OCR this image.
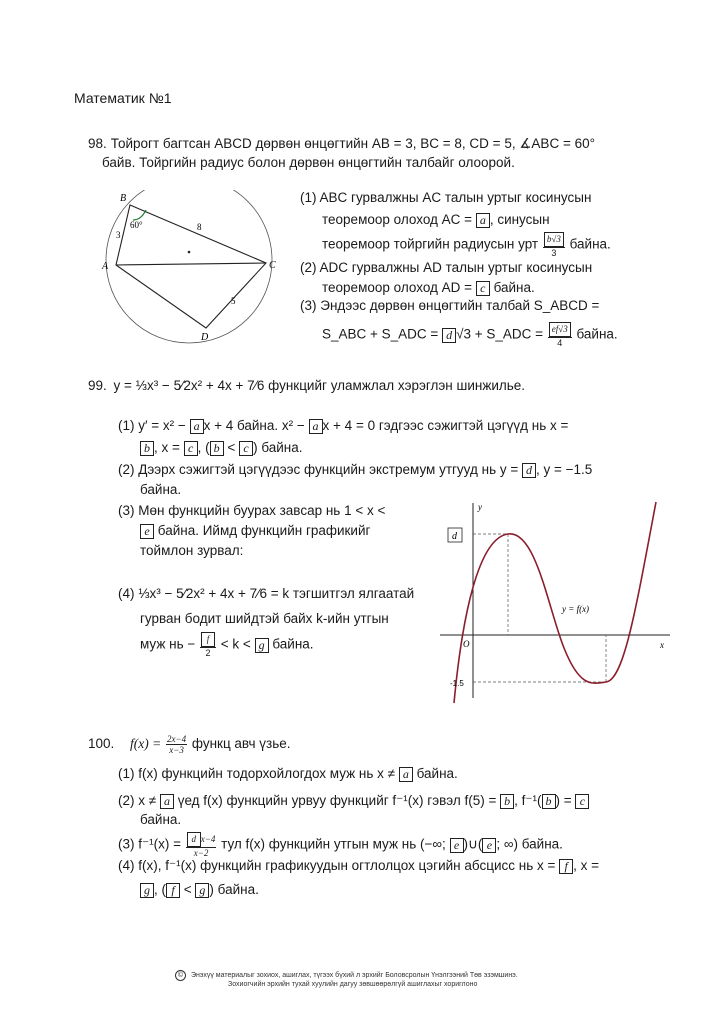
Математик №1
98. Тойрогт багтсан ABCD дөрвөн өнцөгтийн AB = 3, BC = 8, CD = 5, ∡ABC = 60°
байв. Тойргийн радиус болон дөрвөн өнцөгтийн талбайг олоорой.
B
A	C
D
60°
3
8
5
(1) ABC гурвалжны AC талын уртыг косинусын
теоремоор олоход AC = a , синусын
теоремоор тойргийн радиусын урт $\frac{b√3}{3}$ байна.
(2) ADC гурвалжны AD талын уртыг косинусын
теоремоор олоход AD = c байна.
(3) Эндээс дөрвөн өнцөгтийн талбай S_ABCD =
S_ABC + S_ADC = d √3 + S_ADC = $\frac{ef√3}{4}$ байна.
99. y = ⅓x³ − 5⁄2x² + 4x + 7⁄6 функцийг уламжлал хэрэглэн шинжилье.
(1) y′ = x² − a x + 4 байна. x² − a x + 4 = 0 гэдгээс сэжигтэй цэгүүд нь x =
b , x = c , ( b < c ) байна.
(2) Дээрх сэжигтэй цэгүүдээс функцийн экстремум утгууд нь y = d , y = −1.5
байна.
(3) Мөн функцийн буурах завсар нь 1 < x <
e байна. Иймд функцийн графикийг
тоймлон зурвал:
(4) ⅓x³ − 5⁄2x² + 4x + 7⁄6 = k тэгшитгэл ялгаатай
гурван бодит шийдтэй байх k-ийн утгын
муж нь − $\frac{f}{2} < k < g$ байна.
d
y
x
O
-1.5
y = f(x)
100. $f(x) = \frac{2x-4}{x-3}$ функц авч үзье.
(1) f(x) функцийн тодорхойлогдох муж нь x ≠ a байна.
(2) x ≠ a үед f(x) функцийн урвуу функцийг f⁻¹(x) гэвэл f(5) = b , f⁻¹( b ) = c
байна.
(3) $f^{-1}(x) = \frac{\text{d x−4}}{x-2}$ тул f(x) функцийн утгын муж нь (−∞; e )∪( e ; ∞) байна.
(4) f(x), f⁻¹(x) функцийн графикуудын огтлолцох цэгийн абсцисс нь x = f , x =
g , ( f < g ) байна.
© Энэхүү материалыг зохиох, ашиглах, түгээх бүхий л эрхийг Боловсролын Үнэлгээний Төв эзэмшинэ.
Зохиогчийн эрхийн тухай хуулийн дагуу зөвшөөрөлгүй ашиглахыг хориглоно
